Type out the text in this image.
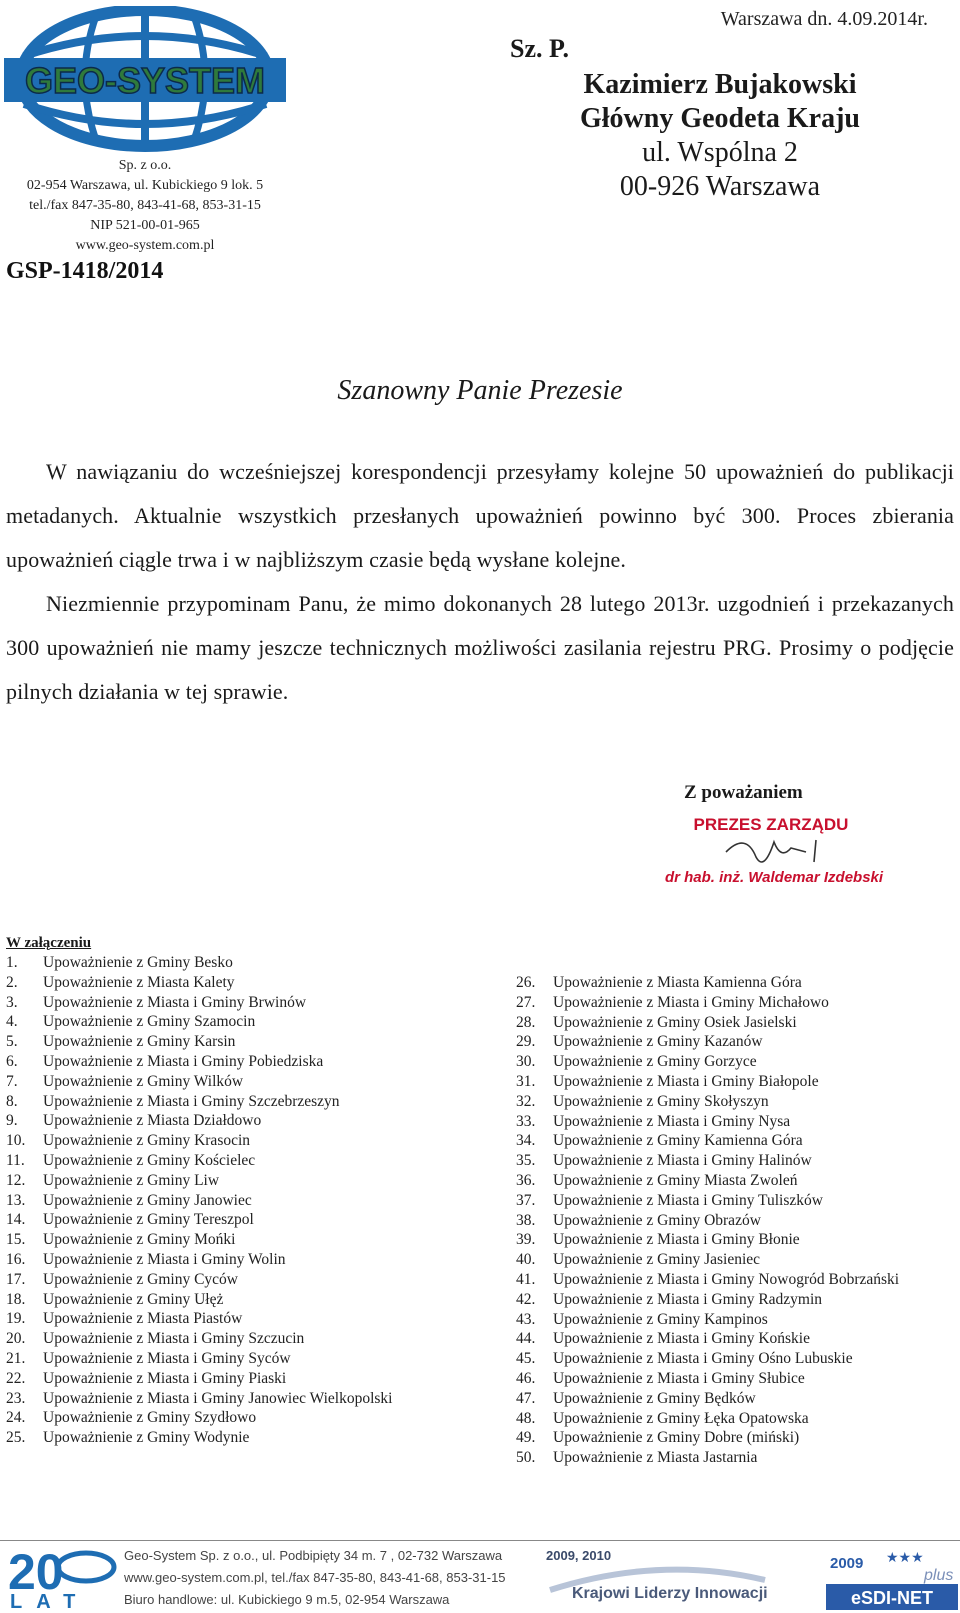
GEO-SYSTEM
Sp. z o.o.
02-954 Warszawa, ul. Kubickiego 9 lok. 5
tel./fax 847-35-80, 843-41-68, 853-31-15
NIP 521-00-01-965
www.geo-system.com.pl
GSP-1418/2014
Warszawa dn. 4.09.2014r.
Sz. P.
Kazimierz Bujakowski
Główny Geodeta Kraju
ul. Wspólna 2
00-926 Warszawa
Szanowny Panie Prezesie

W nawiązaniu do wcześniejszej korespondencji przesyłamy kolejne 50 upoważnień do publikacji metadanych. Aktualnie wszystkich przesłanych upoważnień powinno być 300. Proces zbierania upoważnień ciągle trwa i w najbliższym czasie będą wysłane kolejne.

Niezmiennie przypominam Panu, że mimo dokonanych 28 lutego 2013r. uzgodnień i przekazanych 300 upoważnień nie mamy jeszcze technicznych możliwości zasilania rejestru PRG. Prosimy o podjęcie pilnych działania w tej sprawie.

Z poważaniem
PREZES ZARZĄDU
dr hab. inż. Waldemar Izdebski
W załączeniu
1. Upoważnienie z Gminy Besko
2. Upoważnienie z Miasta Kalety
3. Upoważnienie z Miasta i Gminy Brwinów
4. Upoważnienie z Gminy Szamocin
5. Upoważnienie z Gminy Karsin
6. Upoważnienie z Miasta i Gminy Pobiedziska
7. Upoważnienie z Gminy Wilków
8. Upoważnienie z Miasta i Gminy Szczebrzeszyn
9. Upoważnienie z Miasta Działdowo
10. Upoważnienie z Gminy Krasocin
11. Upoważnienie z Gminy Kościelec
12. Upoważnienie z Gminy Liw
13. Upoważnienie z Gminy Janowiec
14. Upoważnienie z Gminy Tereszpol
15. Upoważnienie z Gminy Mońki
16. Upoważnienie z Miasta i Gminy Wolin
17. Upoważnienie z Gminy Cyców
18. Upoważnienie z Gminy Ułęż
19. Upoważnienie z Miasta Piastów
20. Upoważnienie z Miasta i Gminy Szczucin
21. Upoważnienie z Miasta i Gminy Syców
22. Upoważnienie z Miasta i Gminy Piaski
23. Upoważnienie z Miasta i Gminy Janowiec Wielkopolski
24. Upoważnienie z Gminy Szydłowo
25. Upoważnienie z Gminy Wodynie
26. Upoważnienie z Miasta Kamienna Góra
27. Upoważnienie z Miasta i Gminy Michałowo
28. Upoważnienie z Gminy Osiek Jasielski
29. Upoważnienie z Gminy Kazanów
30. Upoważnienie z Gminy Gorzyce
31. Upoważnienie z Miasta i Gminy Białopole
32. Upoważnienie z Gminy Skołyszyn
33. Upoważnienie z Miasta i Gminy Nysa
34. Upoważnienie z Gminy Kamienna Góra
35. Upoważnienie z Miasta i Gminy Halinów
36. Upoważnienie z Gminy Miasta Zwoleń
37. Upoważnienie z Miasta i Gminy Tuliszków
38. Upoważnienie z Gminy Obrazów
39. Upoważnienie z Miasta i Gminy Błonie
40. Upoważnienie z Gminy Jasieniec
41. Upoważnienie z Miasta i Gminy Nowogród Bobrzański
42. Upoważnienie z Miasta i Gminy Radzymin
43. Upoważnienie z Gminy Kampinos
44. Upoważnienie z Miasta i Gminy Końskie
45. Upoważnienie z Miasta i Gminy Ośno Lubuskie
46. Upoważnienie z Miasta i Gminy Słubice
47. Upoważnienie z Gminy Będków
48. Upoważnienie z Gminy Łęka Opatowska
49. Upoważnienie z Gminy Dobre (miński)
50. Upoważnienie z Miasta Jastarnia
20
LAT
Geo-System Sp. z o.o., ul. Podbipięty 34 m. 7 , 02-732 Warszawa
www.geo-system.com.pl, tel./fax 847-35-80, 843-41-68, 853-31-15
Biuro handlowe: ul. Kubickiego 9 m.5, 02-954 Warszawa
2009, 2010
Krajowi Liderzy Innowacji
2009 ★★★
plus
eSDI-NET
